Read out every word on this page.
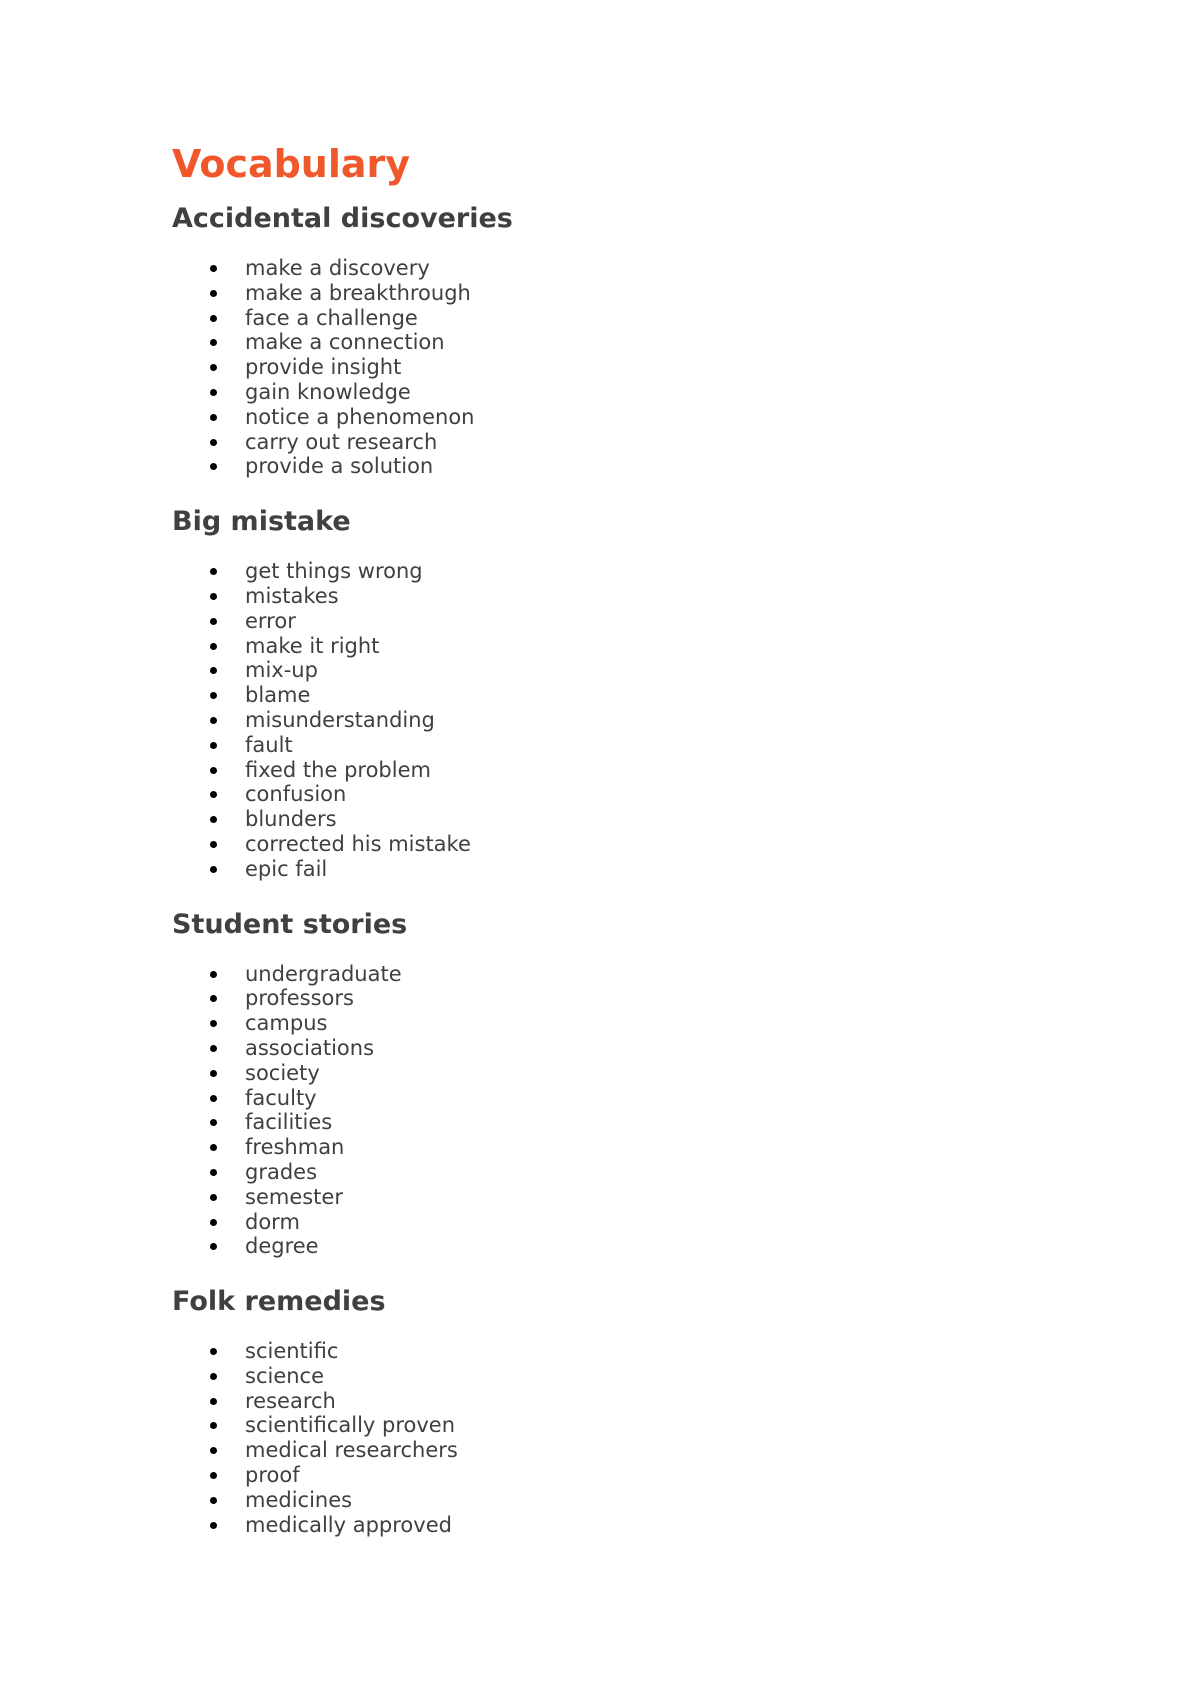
Vocabulary
Accidental discoveries
make a discovery
make a breakthrough
face a challenge
make a connection
provide insight
gain knowledge
notice a phenomenon
carry out research
provide a solution
Big mistake
get things wrong
mistakes
error
make it right
mix-up
blame
misunderstanding
fault
fixed the problem
confusion
blunders
corrected his mistake
epic fail
Student stories
undergraduate
professors
campus
associations
society
faculty
facilities
freshman
grades
semester
dorm
degree
Folk remedies
scientific
science
research
scientifically proven
medical researchers
proof
medicines
medically approved
